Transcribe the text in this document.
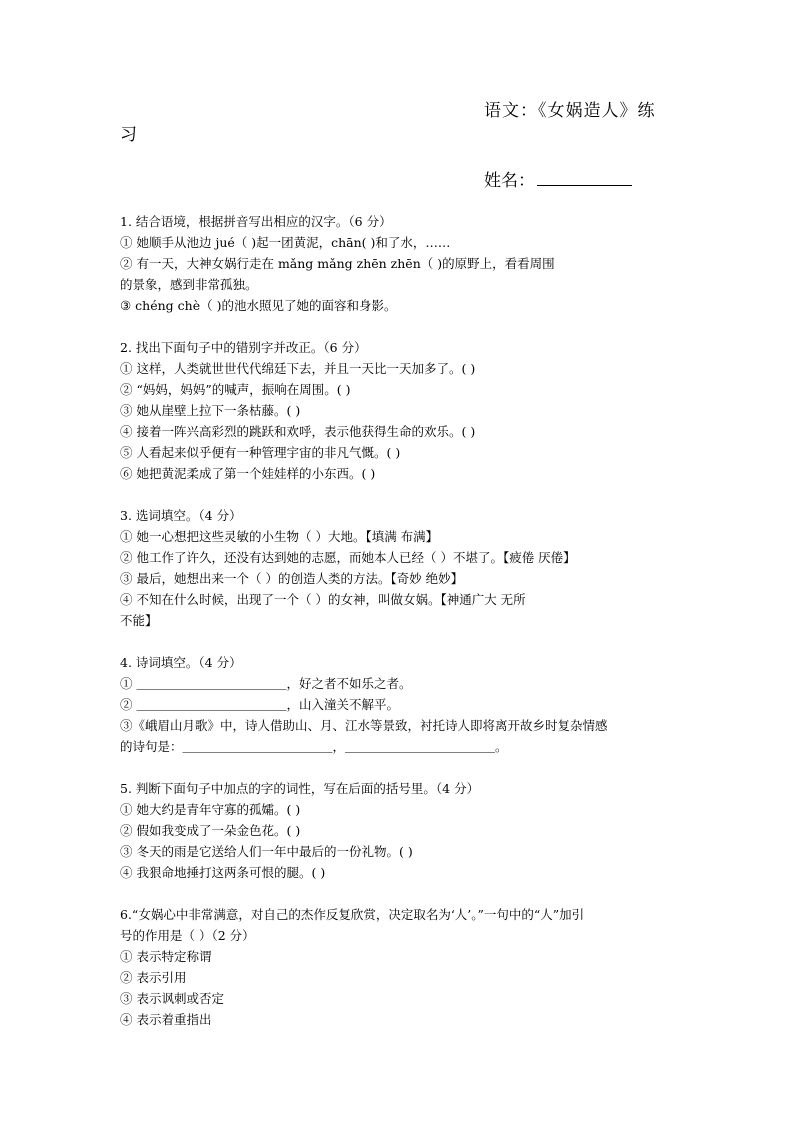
语文：《女娲造人》练
习
姓名：

1. 结合语境，根据拼音写出相应的汉字。（6 分）

① 她顺手从池边 jué（ )起一团黄泥，chān( )和了水，……

② 有一天，大神女娲行走在 mǎng mǎng zhēn zhēn（ )的原野上，看看周围

的景象，感到非常孤独。

③ chéng chè（ )的池水照见了她的面容和身影。

2. 找出下面句子中的错别字并改正。（6 分）

① 这样，人类就世世代代绵廷下去，并且一天比一天加多了。( )

② “妈妈，妈妈”的喊声，振响在周围。( )

③ 她从崖壁上拉下一条枯藤。( )

④ 接着一阵兴高彩烈的跳跃和欢呼，表示他获得生命的欢乐。( )

⑤ 人看起来似乎便有一种管理宇宙的非凡气慨。( )

⑥ 她把黄泥柔成了第一个娃娃样的小东西。( )

3. 选词填空。（4 分）

① 她一心想把这些灵敏的小生物（ ）大地。【填满 布满】

② 他工作了许久，还没有达到她的志愿，而她本人已经（ ）不堪了。【疲倦 厌倦】

③ 最后，她想出来一个（ ）的创造人类的方法。【奇妙 绝妙】

④ 不知在什么时候，出现了一个（ ）的女神，叫做女娲。【神通广大 无所

不能】

4. 诗词填空。（4 分）

① ＿＿＿＿＿＿＿＿＿＿＿＿，好之者不如乐之者。

② ＿＿＿＿＿＿＿＿＿＿＿＿，山入潼关不解平。

③《峨眉山月歌》中，诗人借助山、月、江水等景致，衬托诗人即将离开故乡时复杂情感

的诗句是：＿＿＿＿＿＿＿＿＿＿＿＿，＿＿＿＿＿＿＿＿＿＿＿＿。

5. 判断下面句子中加点的字的词性，写在后面的括号里。（4 分）

① 她大约是青年守寡的孤孀。( )

② 假如我变成了一朵金色花。( )

③ 冬天的雨是它送给人们一年中最后的一份礼物。( )

④ 我狠命地捶打这两条可恨的腿。( )

6.“女娲心中非常满意，对自己的杰作反复欣赏，决定取名为‘人’。”一句中的“人”加引

号的作用是（ ）（2 分）

① 表示特定称谓

② 表示引用

③ 表示讽刺或否定

④ 表示着重指出
